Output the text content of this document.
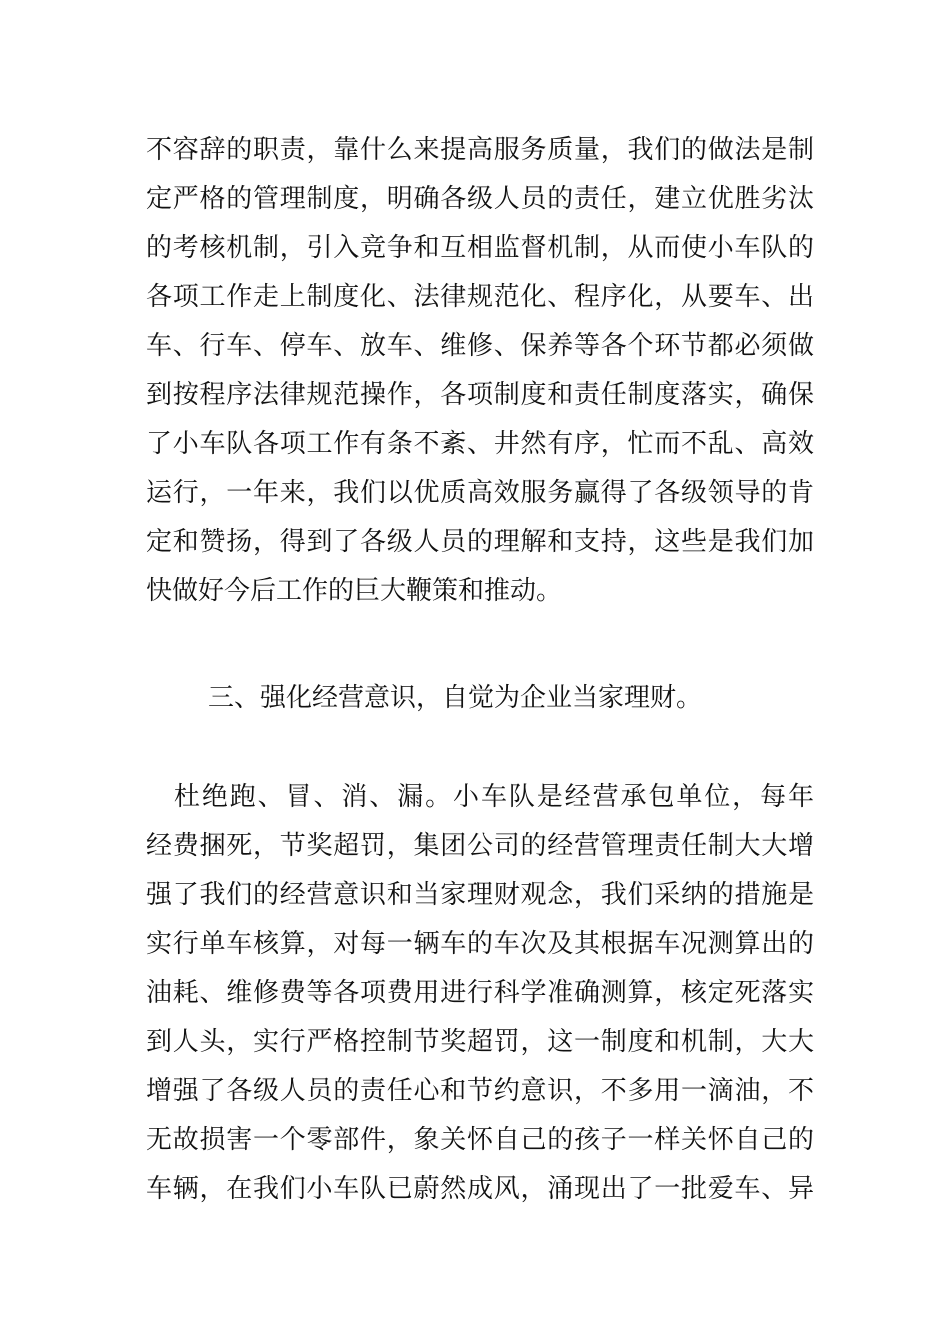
不容辞的职责，靠什么来提高服务质量，我们的做法是制
定严格的管理制度，明确各级人员的责任，建立优胜劣汰
的考核机制，引入竞争和互相监督机制，从而使小车队的
各项工作走上制度化、法律规范化、程序化，从要车、出
车、行车、停车、放车、维修、保养等各个环节都必须做
到按程序法律规范操作，各项制度和责任制度落实，确保
了小车队各项工作有条不紊、井然有序，忙而不乱、高效
运行，一年来，我们以优质高效服务赢得了各级领导的肯
定和赞扬，得到了各级人员的理解和支持，这些是我们加
快做好今后工作的巨大鞭策和推动。
三、强化经营意识，自觉为企业当家理财。
　杜绝跑、冒、消、漏。小车队是经营承包单位，每年
经费捆死，节奖超罚，集团公司的经营管理责任制大大增
强了我们的经营意识和当家理财观念，我们采纳的措施是
实行单车核算，对每一辆车的车次及其根据车况测算出的
油耗、维修费等各项费用进行科学准确测算，核定死落实
到人头，实行严格控制节奖超罚，这一制度和机制，大大
增强了各级人员的责任心和节约意识，不多用一滴油，不
无故损害一个零部件，象关怀自己的孩子一样关怀自己的
车辆，在我们小车队已蔚然成风，涌现出了一批爱车、异
